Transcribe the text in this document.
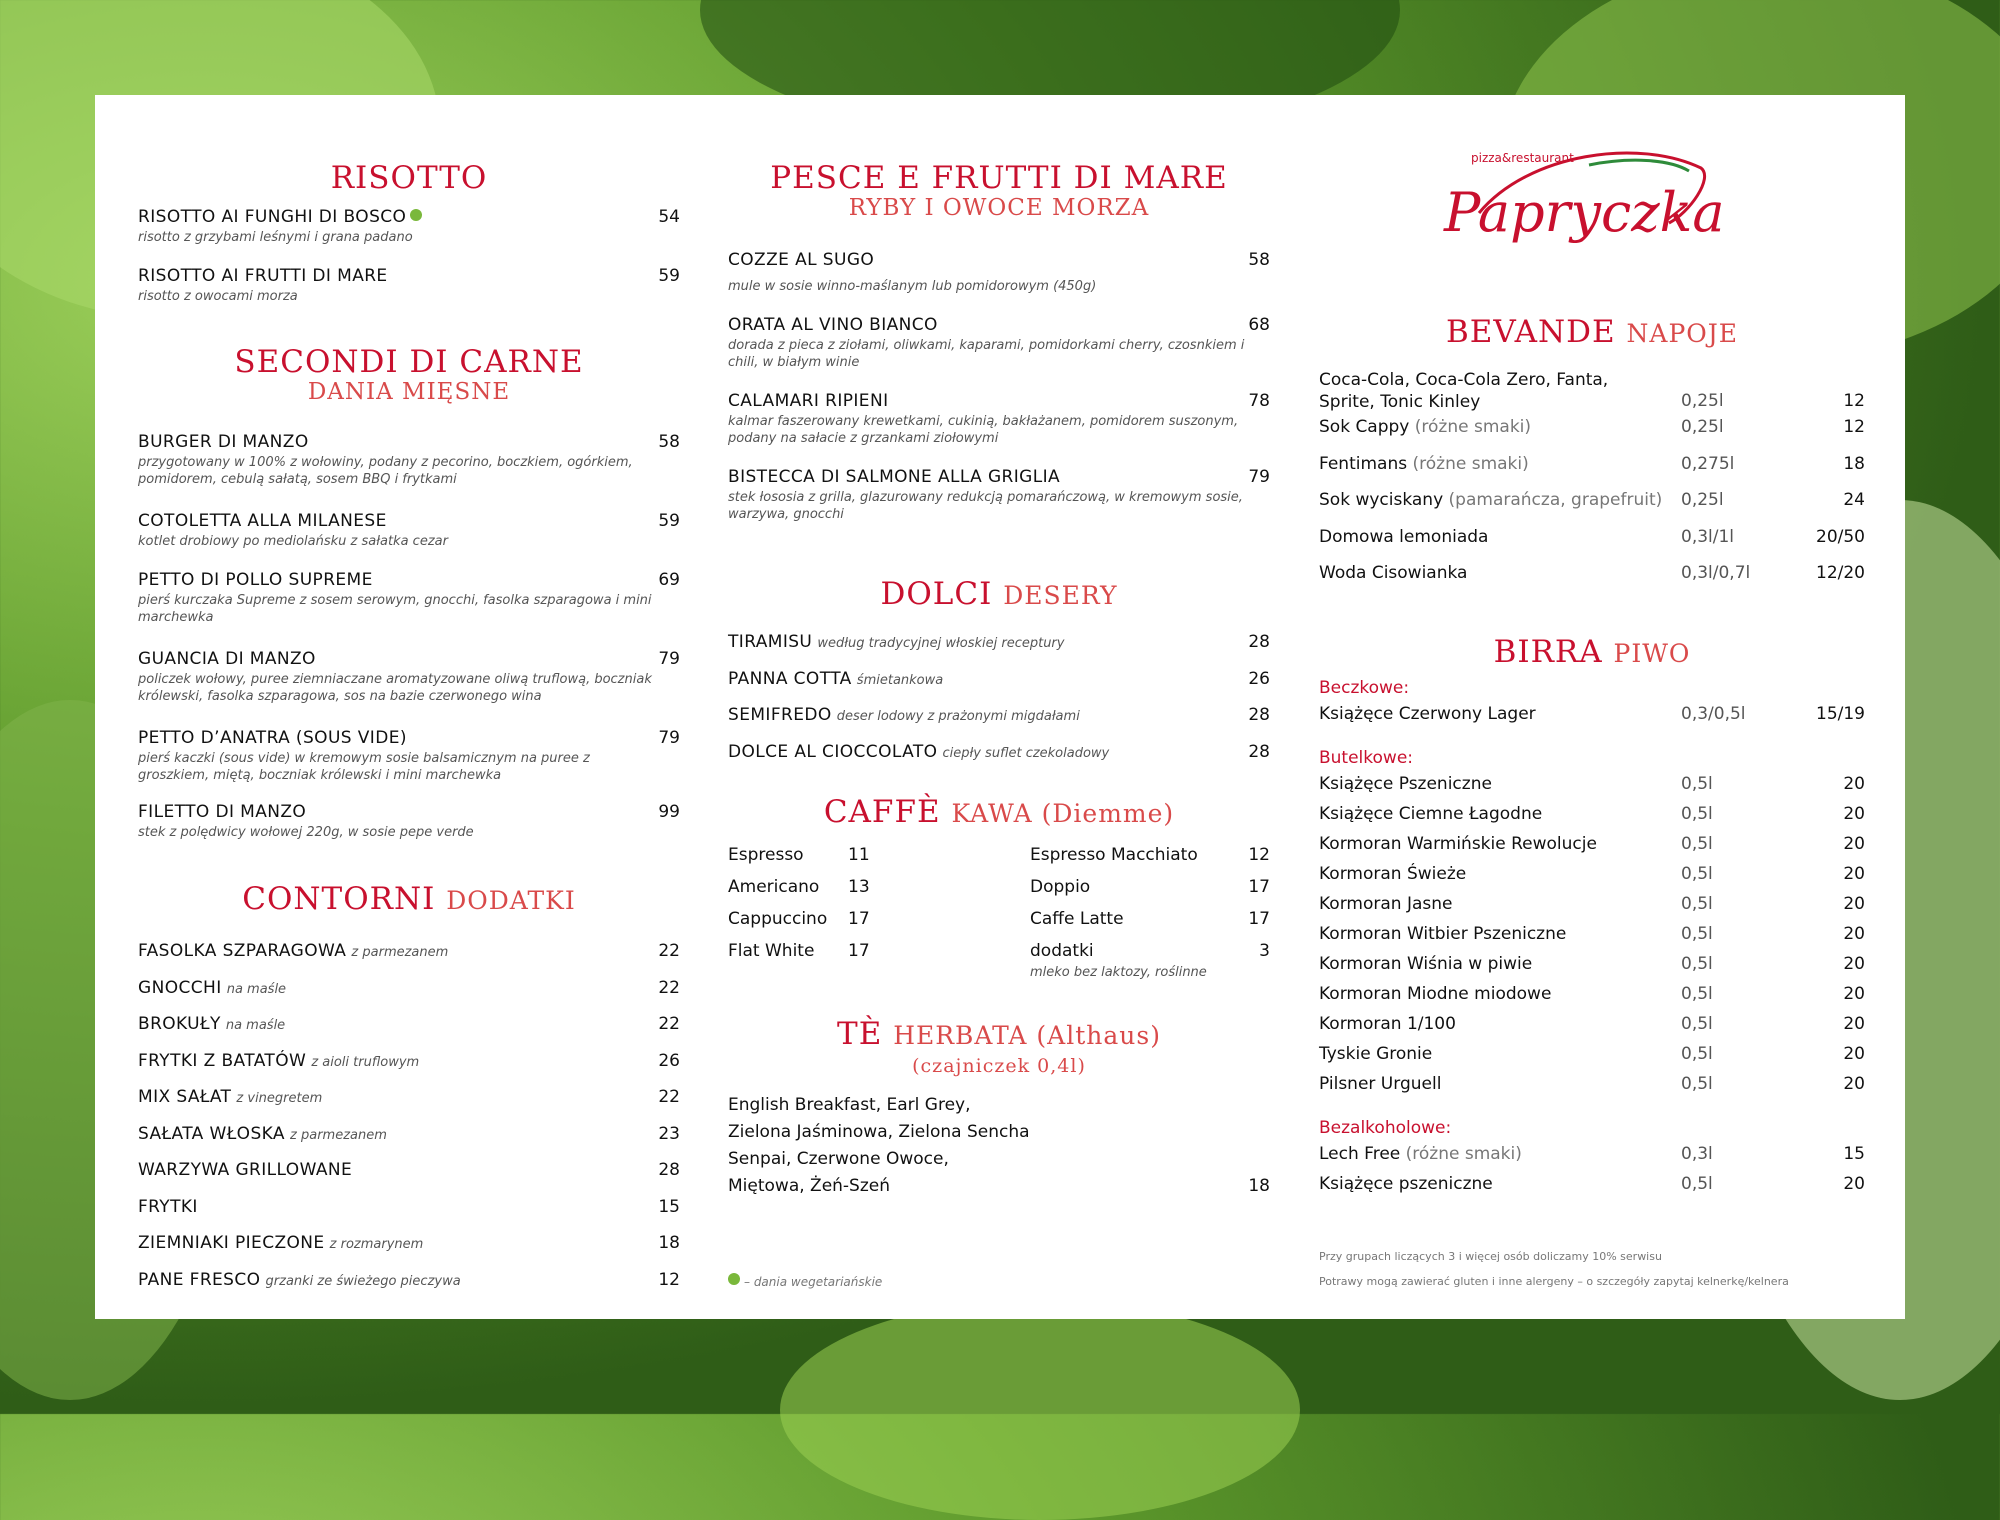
RISOTTO
RISOTTO AI FUNGHI DI BOSCO	54
risotto z grzybami leśnymi i grana padano
RISOTTO AI FRUTTI DI MARE	59
risotto z owocami morza
SECONDI DI CARNE
DANIA MIĘSNE
BURGER DI MANZO	58
przygotowany w 100% z wołowiny, podany z pecorino, boczkiem, ogórkiem, pomidorem, cebulą sałatą, sosem BBQ i frytkami
COTOLETTA ALLA MILANESE	59
kotlet drobiowy po mediolańsku z sałatka cezar
PETTO DI POLLO SUPREME	69
pierś kurczaka Supreme z sosem serowym, gnocchi, fasolka szparagowa i mini marchewka
GUANCIA DI MANZO	79
policzek wołowy, puree ziemniaczane aromatyzowane oliwą truflową, boczniak królewski, fasolka szparagowa, sos na bazie czerwonego wina
PETTO D’ANATRA (SOUS VIDE)	79
pierś kaczki (sous vide) w kremowym sosie balsamicznym na puree z groszkiem, miętą, boczniak królewski i mini marchewka
FILETTO DI MANZO	99
stek z polędwicy wołowej 220g, w sosie pepe verde
CONTORNI DODATKI
FASOLKA SZPARAGOWA z parmezanem	22
GNOCCHI na maśle	22
BROKUŁY na maśle	22
FRYTKI Z BATATÓW z aioli truflowym	26
MIX SAŁAT z vinegretem	22
SAŁATA WŁOSKA z parmezanem	23
WARZYWA GRILLOWANE	28
FRYTKI	15
ZIEMNIAKI PIECZONE z rozmarynem	18
PANE FRESCO grzanki ze świeżego pieczywa	12
PESCE E FRUTTI DI MARE
RYBY I OWOCE MORZA
COZZE AL SUGO	58
mule w sosie winno-maślanym lub pomidorowym (450g)
ORATA AL VINO BIANCO	68
dorada z pieca z ziołami, oliwkami, kaparami, pomidorkami cherry, czosnkiem i chili, w białym winie
CALAMARI RIPIENI	78
kalmar faszerowany krewetkami, cukinią, bakłażanem, pomidorem suszonym, podany na sałacie z grzankami ziołowymi
BISTECCA DI SALMONE ALLA GRIGLIA	79
stek łososia z grilla, glazurowany redukcją pomarańczową, w kremowym sosie, warzywa, gnocchi
DOLCI DESERY
TIRAMISU według tradycyjnej włoskiej receptury	28
PANNA COTTA śmietankowa	26
SEMIFREDO deser lodowy z prażonymi migdałami	28
DOLCE AL CIOCCOLATO ciepły suflet czekoladowy	28
CAFFÈ KAWA (Diemme)
Espresso	11
Americano 13
Cappuccino 17
Flat White 17
Espresso Macchiato	12
Doppio	17
Caffe Latte	17
dodatki	3
mleko bez laktozy, roślinne
TÈ HERBATA (Althaus)
(czajniczek 0,4l)
English Breakfast, Earl Grey,
Zielona Jaśminowa, Zielona Sencha
Senpai, Czerwone Owoce,
Miętowa, Żeń-Szeń	18
– dania wegetariańskie
pizza&restaurant
Papryczka
BEVANDE NAPOJE
Coca-Cola, Coca-Cola Zero, Fanta, Sprite, Tonic Kinley	0,25l	12
Sok Cappy (różne smaki)	0,25l	12
Fentimans (różne smaki)	0,275l	18
Sok wyciskany (pamarańcza, grapefruit) 0,25l	24
Domowa lemoniada	0,3l/1l	20/50
Woda Cisowianka	0,3l/0,7l	12/20
BIRRA PIWO
Beczkowe:
Książęce Czerwony Lager	0,3/0,5l	15/19
Butelkowe:
Książęce Pszeniczne	0,5l	20
Książęce Ciemne Łagodne	0,5l	20
Kormoran Warmińskie Rewolucje	0,5l	20
Kormoran Świeże	0,5l	20
Kormoran Jasne	0,5l	20
Kormoran Witbier Pszeniczne	0,5l	20
Kormoran Wiśnia w piwie	0,5l	20
Kormoran Miodne miodowe	0,5l	20
Kormoran 1/100	0,5l	20
Tyskie Gronie	0,5l	20
Pilsner Urguell	0,5l	20
Bezalkoholowe:
Lech Free (różne smaki)	0,3l	15
Książęce pszeniczne	0,5l	20
Przy grupach liczących 3 i więcej osób doliczamy 10% serwisu
Potrawy mogą zawierać gluten i inne alergeny – o szczegóły zapytaj kelnerkę/kelnera
